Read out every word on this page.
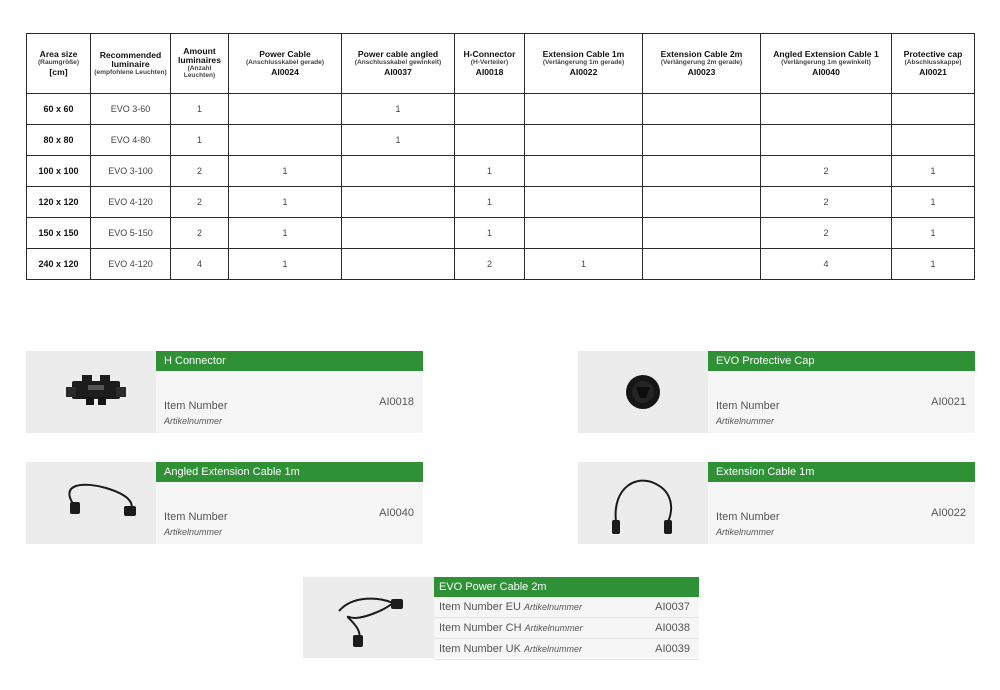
Area size
(Raumgröße)
[cm]	Recommended luminaire
(empfohlene Leuchten)	Amount luminaires
(Anzahl Leuchten)	Power Cable
(Anschlusskabel gerade)
AI0024	Power cable angled
(Anschlusskabel gewinkelt)
AI0037	H-Connector
(H-Verteiler)
AI0018	Extension Cable 1m
(Verlängerung 1m gerade)
AI0022	Extension Cable 2m
(Verlängerung 2m gerade)
AI0023	Angled Extension Cable 1
(Verlängerung 1m gewinkelt)
AI0040	Protective cap
(Abschlusskappe)
AI0021

60 x 60	EVO 3-60	1		1					
80 x 80	EVO 4-80	1		1					
100 x 100	EVO 3-100	2	1		1			2	1
120 x 120	EVO 4-120	2	1		1			2	1
150 x 150	EVO 5-150	2	1		1			2	1
240 x 120	EVO 4-120	4	1		2	1		4	1
H Connector
Item Number
Artikelnummer
AI0018
EVO Protective Cap
Item Number
Artikelnummer
AI0021
Angled Extension Cable 1m
Item Number
Artikelnummer
AI0040
Extension Cable 1m
Item Number
Artikelnummer
AI0022
EVO Power Cable 2m
Item Number EU Artikelnummer	AI0037
Item Number CH Artikelnummer	AI0038
Item Number UK Artikelnummer	AI0039
